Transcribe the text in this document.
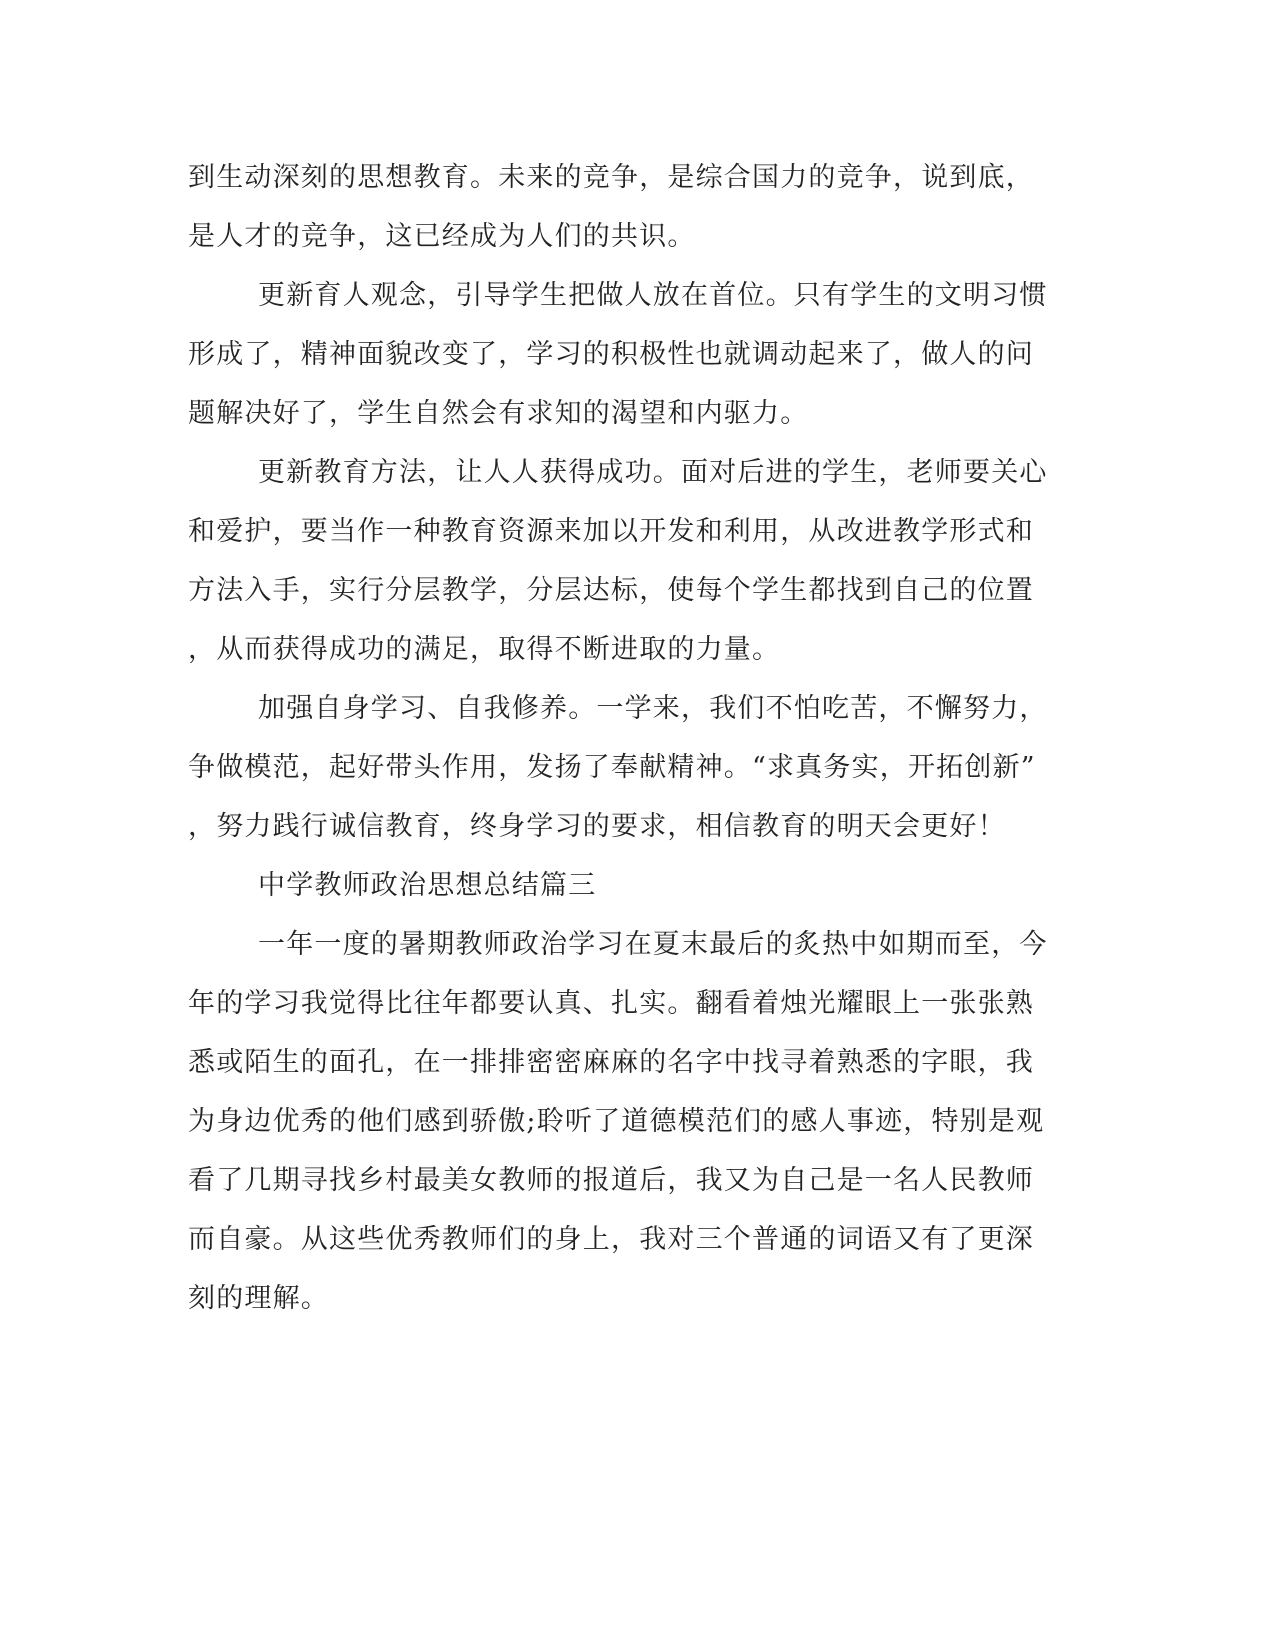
到生动深刻的思想教育。未来的竞争，是综合国力的竞争，说到底，
是人才的竞争，这已经成为人们的共识。
更新育人观念，引导学生把做人放在首位。只有学生的文明习惯
形成了，精神面貌改变了，学习的积极性也就调动起来了，做人的问
题解决好了，学生自然会有求知的渴望和内驱力。
更新教育方法，让人人获得成功。面对后进的学生，老师要关心
和爱护，要当作一种教育资源来加以开发和利用，从改进教学形式和
方法入手，实行分层教学，分层达标，使每个学生都找到自己的位置
，从而获得成功的满足，取得不断进取的力量。
加强自身学习、自我修养。一学来，我们不怕吃苦，不懈努力，
争做模范，起好带头作用，发扬了奉献精神。“求真务实，开拓创新”
，努力践行诚信教育，终身学习的要求，相信教育的明天会更好！
中学教师政治思想总结篇三
一年一度的暑期教师政治学习在夏末最后的炙热中如期而至，今
年的学习我觉得比往年都要认真、扎实。翻看着烛光耀眼上一张张熟
悉或陌生的面孔，在一排排密密麻麻的名字中找寻着熟悉的字眼，我
为身边优秀的他们感到骄傲;聆听了道德模范们的感人事迹，特别是观
看了几期寻找乡村最美女教师的报道后，我又为自己是一名人民教师
而自豪。从这些优秀教师们的身上，我对三个普通的词语又有了更深
刻的理解。
